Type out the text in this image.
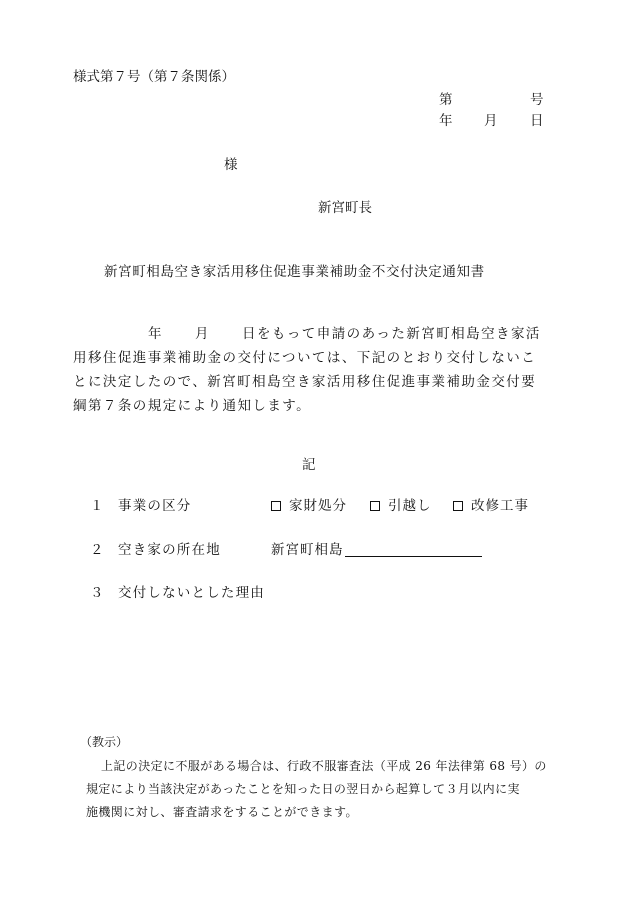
様式第７号（第７条関係）
第	号
年 月 日
様
新宮町長
新宮町相島空き家活用移住促進事業補助金不交付決定通知書
年 月 日をもって申請のあった新宮町相島空き家活
用移住促進事業補助金の交付については、下記のとおり交付しないこ
とに決定したので、新宮町相島空き家活用移住促進事業補助金交付要
綱第７条の規定により通知します。
記
１ 事業の区分	家財処分	引越し	改修工事
２ 空き家の所在地	新宮町相島
３ 交付しないとした理由
（教示）
上記の決定に不服がある場合は、行政不服審査法（平成 26 年法律第 68 号）の
規定により当該決定があったことを知った日の翌日から起算して３月以内に実
施機関に対し、審査請求をすることができます。
